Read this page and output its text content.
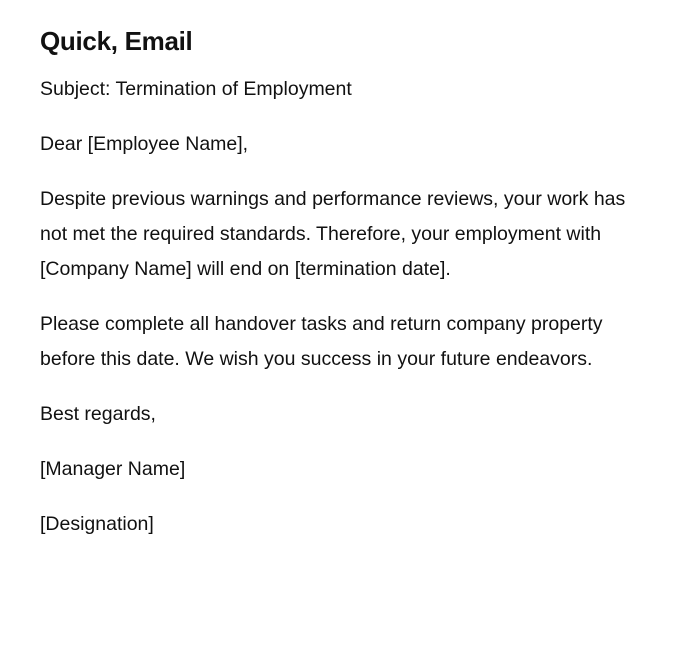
Quick, Email

Subject: Termination of Employment

Dear [Employee Name],

Despite previous warnings and performance reviews, your work has not met the required standards. Therefore, your employment with [Company Name] will end on [termination date].

Please complete all handover tasks and return company property before this date. We wish you success in your future endeavors.

Best regards,

[Manager Name]

[Designation]
